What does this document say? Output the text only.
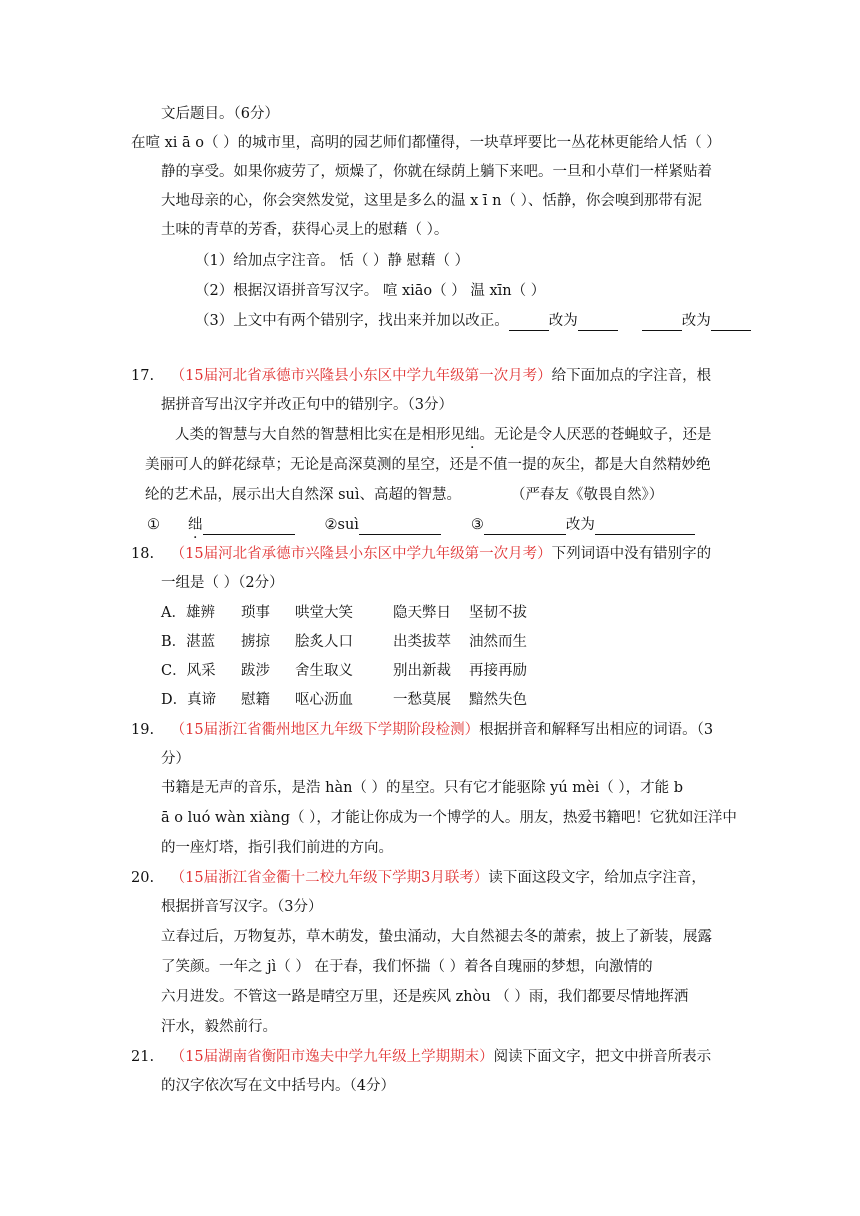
文后题目。（6分）
在喧 xi ā o（ ）的城市里，高明的园艺师们都懂得，一块草坪要比一丛花林更能给人恬（ ）
静的享受。如果你疲劳了，烦燥了，你就在绿荫上躺下来吧。一旦和小草们一样紧贴着
大地母亲的心，你会突然发觉，这里是多么的温 x ī n（ ）、恬静，你会嗅到那带有泥
土味的青草的芳香，获得心灵上的慰藉（ ）。
（1）给加点字注音。 恬（ ）静 慰藉（ ）
（2）根据汉语拼音写汉字。 喧 xiāo（ ） 温 xīn（ ）
（3）上文中有两个错别字，找出来并加以改正。	改为	改为
17. （15届河北省承德市兴隆县小东区中学九年级第一次月考）给下面加点的字注音，根
据拼音写出汉字并改正句中的错别字。（3分）
人类的智慧与大自然的智慧相比实在是相形见绌。无论是令人厌恶的苍蝇蚊子，还是
美丽可人的鲜花绿草；无论是高深莫测的星空，还是不值一提的灰尘，都是大自然精妙绝
纶的艺术品，展示出大自然深 suì、高超的智慧。	（严春友《敬畏自然》）
① 绌	②suì	③	改为
18. （15届河北省承德市兴隆县小东区中学九年级第一次月考）下列词语中没有错别字的
一组是（ ）（2分）
A．雄辨 琐事 哄堂大笑	隐天弊日 坚韧不拔
B．湛蓝 掳掠 脍炙人口	出类拔萃 油然而生
C．风采 跋涉 舍生取义	别出新裁 再接再励
D．真谛 慰籍 呕心沥血	一愁莫展 黯然失色
19. （15届浙江省衢州地区九年级下学期阶段检测）根据拼音和解释写出相应的词语。（3
分）
书籍是无声的音乐，是浩 hàn（ ）的星空。只有它才能驱除 yú mèi（ ），才能 b
ā o luó wàn xiàng（ ），才能让你成为一个博学的人。朋友，热爱书籍吧！它犹如汪洋中
的一座灯塔，指引我们前进的方向。
20. （15届浙江省金衢十二校九年级下学期3月联考）读下面这段文字，给加点字注音，
根据拼音写汉字。（3分）
立春过后，万物复苏，草木萌发，蛰虫涌动，大自然褪去冬的萧索，披上了新装，展露
了笑颜。一年之 jì（ ） 在于春，我们怀揣（ ）着各自瑰丽的梦想，向激情的
六月进发。不管这一路是晴空万里，还是疾风 zhòu （ ）雨，我们都要尽情地挥洒
汗水，毅然前行。
21. （15届湖南省衡阳市逸夫中学九年级上学期期末）阅读下面文字，把文中拼音所表示
的汉字依次写在文中括号内。（4分）
